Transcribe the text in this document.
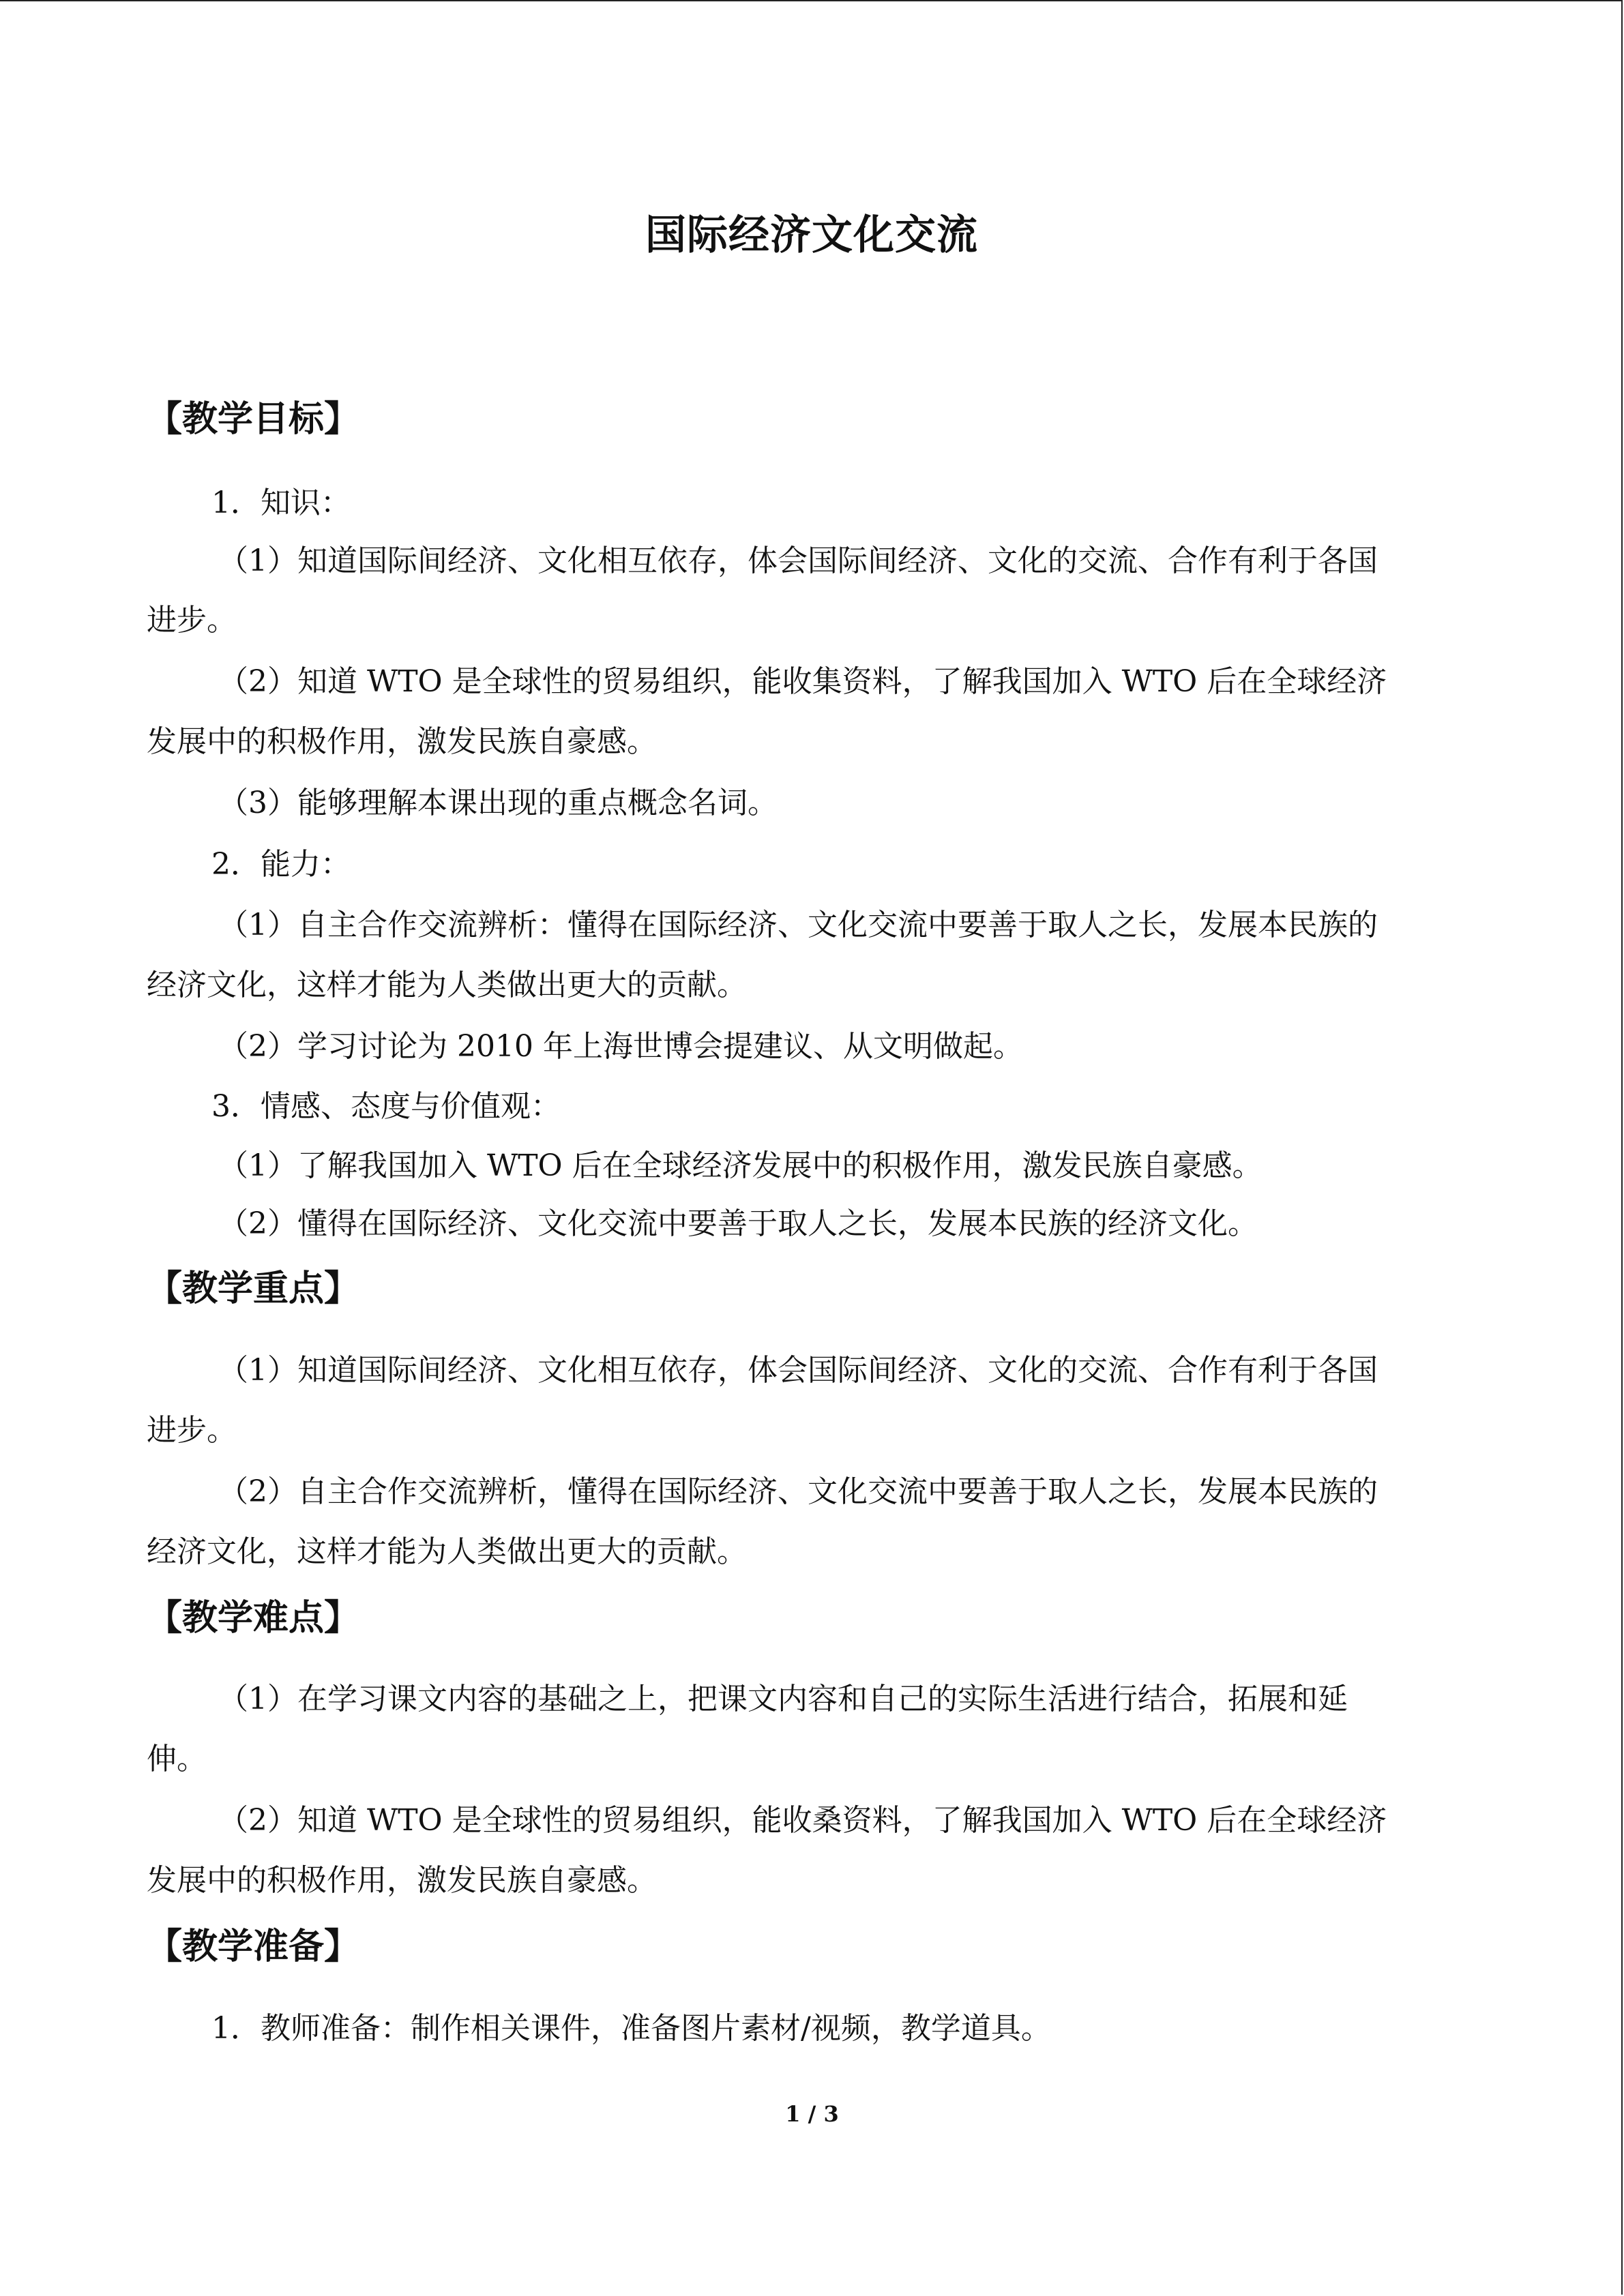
国际经济文化交流
【教学目标】
1．知识：
（1）知道国际间经济、文化相互依存，体会国际间经济、文化的交流、合作有利于各国
进步。
（2）知道 WTO 是全球性的贸易组织，能收集资料，了解我国加入 WTO 后在全球经济
发展中的积极作用，激发民族自豪感。
（3）能够理解本课出现的重点概念名词。
2．能力：
（1）自主合作交流辨析：懂得在国际经济、文化交流中要善于取人之长，发展本民族的
经济文化，这样才能为人类做出更大的贡献。
（2）学习讨论为 2010 年上海世博会提建议、从文明做起。
3．情感、态度与价值观：
（1）了解我国加入 WTO 后在全球经济发展中的积极作用，激发民族自豪感。
（2）懂得在国际经济、文化交流中要善于取人之长，发展本民族的经济文化。
【教学重点】
（1）知道国际间经济、文化相互依存，体会国际间经济、文化的交流、合作有利于各国
进步。
（2）自主合作交流辨析，懂得在国际经济、文化交流中要善于取人之长，发展本民族的
经济文化，这样才能为人类做出更大的贡献。
【教学难点】
（1）在学习课文内容的基础之上，把课文内容和自己的实际生活进行结合，拓展和延
伸。
（2）知道 WTO 是全球性的贸易组织，能收桑资料，了解我国加入 WTO 后在全球经济
发展中的积极作用，激发民族自豪感。
【教学准备】
1．教师准备：制作相关课件，准备图片素材/视频，教学道具。
1 / 3
